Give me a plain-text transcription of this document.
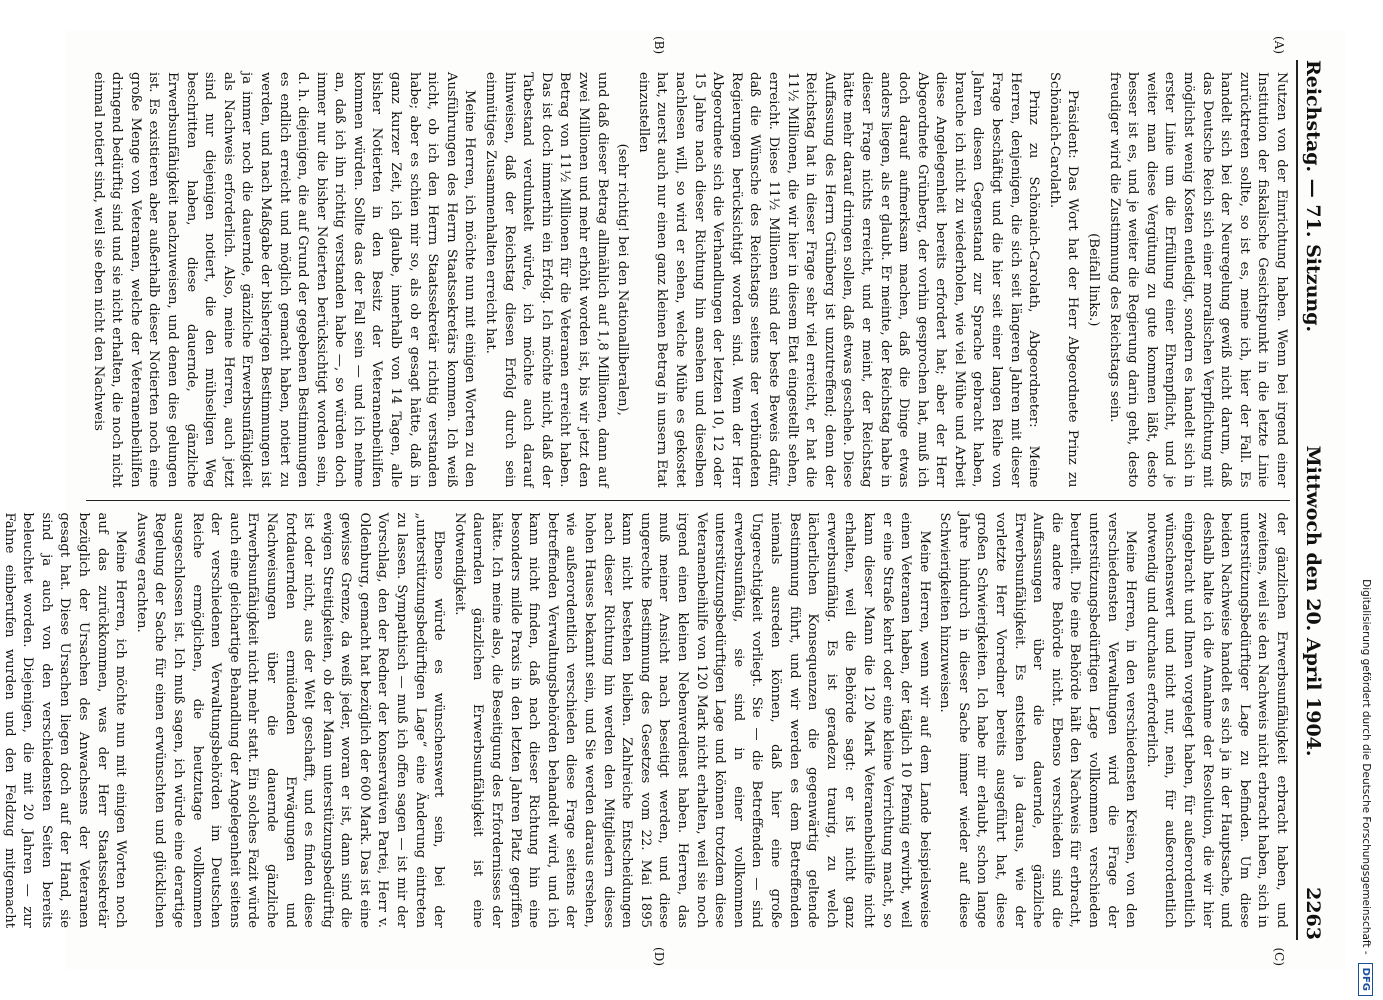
(A)
(B)
(C)
(D)
Reichstag. — 71. Sitzung.
Mittwoch den 20. April 1904.
2263

Nutzen von der Einrichtung haben. Wenn bei irgend einer Institution der fiskalische Gesichtspunkt in die letzte Linie zurücktreten sollte, so ist es, meine ich, hier der Fall. Es handelt sich bei der Neuregelung gewiß nicht darum, daß das Deutsche Reich sich einer moralischen Verpflichtung mit möglichst wenig Kosten entledigt, sondern es handelt sich in erster Linie um die Erfüllung einer Ehrenpflicht, und je weiter man diese Vergütung zu gute kommen läßt, desto besser ist es, und je weiter die Regierung darin geht, desto freudiger wird die Zustimmung des Reichstags sein.

(Beifall links.)

Präsident: Das Wort hat der Herr Abgeordnete Prinz zu Schönaich-Carolath.

Prinz zu Schönaich-Carolath, Abgeordneter: Meine Herren, denjenigen, die sich seit längeren Jahren mit dieser Frage beschäftigt und die hier seit einer langen Reihe von Jahren diesen Gegenstand zur Sprache gebracht haben, brauche ich nicht zu wiederholen, wie viel Mühe und Arbeit diese Angelegenheit bereits erfordert hat; aber der Herr Abgeordnete Grünberg, der vorhin gesprochen hat, muß ich doch darauf aufmerksam machen, daß die Dinge etwas anders liegen, als er glaubt. Er meinte, der Reichstag habe in dieser Frage nichts erreicht, und er meint, der Reichstag hätte mehr darauf dringen sollen, daß etwas geschehe. Diese Auffassung des Herrn Grünberg ist unzutreffend; denn der Reichstag hat in dieser Frage sehr viel erreicht, er hat die 11½ Millionen, die wir hier in diesem Etat eingestellt sehen, erreicht. Diese 11½ Millionen sind der beste Beweis dafür, daß die Wünsche des Reichstags seitens der verbündeten Regierungen berücksichtigt worden sind. Wenn der Herr Abgeordnete sich die Verhandlungen der letzten 10, 12 oder 15 Jahre nach dieser Richtung hin ansehen und dieselben nachlesen will, so wird er sehen, welche Mühe es gekostet hat, zuerst auch nur einen ganz kleinen Betrag in unsern Etat einzustellen

(sehr richtig! bei den Nationalliberalen),

und daß dieser Betrag allmählich auf 1,8 Millionen, dann auf zwei Millionen und mehr erhöht worden ist, bis wir jetzt den Betrag von 11½ Millionen für die Veteranen erreicht haben. Das ist doch immerhin ein Erfolg. Ich möchte nicht, daß der Tatbestand verdunkelt würde, ich möchte auch darauf hinweisen, daß der Reichstag diesen Erfolg durch sein einmütiges Zusammenhalten erreicht hat.

Meine Herren, ich möchte nun mit einigen Worten zu den Ausführungen des Herrn Staatssekretärs kommen. Ich weiß nicht, ob ich den Herrn Staatssekretär richtig verstanden habe; aber es schien mir so, als ob er gesagt hätte, daß in ganz kurzer Zeit, ich glaube, innerhalb von 14 Tagen, alle bisher Notierten in den Besitz der Veteranenbeihilfen kommen würden. Sollte das der Fall sein — und ich nehme an, daß ich ihn richtig verstanden habe —, so würden doch immer nur die bisher Notierten berücksichtigt worden sein, d. h. diejenigen, die auf Grund der gegebenen Bestimmungen es endlich erreicht und möglich gemacht haben, notiert zu werden, und nach Maßgabe der bisherigen Bestimmungen ist ja immer noch die dauernde, gänzliche Erwerbsunfähigkeit als Nachweis erforderlich. Also, meine Herren, auch jetzt sind nur diejenigen notiert, die den mühseligen Weg beschritten haben, diese dauernde, gänzliche Erwerbsunfähigkeit nachzuweisen, und denen dies gelungen ist. Es existieren aber außerhalb dieser Notierten noch eine große Menge von Veteranen, welche der Veteranenbeihilfen dringend bedürftig sind und sie nicht erhalten, die noch nicht einmal notiert sind, weil sie eben nicht den Nachweis

der gänzlichen Erwerbsunfähigkeit erbracht haben, und zweitens, weil sie den Nachweis nicht erbracht haben, sich in unterstützungsbedürftiger Lage zu befinden. Um diese beiden Nachweise handelt es sich ja in der Hauptsache, und deshalb halte ich die Annahme der Resolution, die wir hier eingebracht und Ihnen vorgelegt haben, für außerordentlich wünschenswert und nicht nur, nein, für außerordentlich notwendig und durchaus erforderlich.

Meine Herren, in den verschiedensten Kreisen, von den verschiedensten Verwaltungen wird die Frage der unterstützungsbedürftigen Lage vollkommen verschieden beurteilt. Die eine Behörde hält den Nachweis für erbracht, die andere Behörde nicht. Ebenso verschieden sind die Auffassungen über die dauernde, gänzliche Erwerbsunfähigkeit. Es entstehen ja daraus, wie der vorletzte Herr Vorredner bereits ausgeführt hat, diese großen Schwierigkeiten. Ich habe mir erlaubt, schon lange Jahre hindurch in dieser Sache immer wieder auf diese Schwierigkeiten hinzuweisen.

Meine Herren, wenn wir auf dem Lande beispielsweise einen Veteranen haben, der täglich 10 Pfennig erwirbt, weil er eine Straße kehrt oder eine kleine Verrichtung macht, so kann dieser Mann die 120 Mark Veteranenbeihilfe nicht erhalten, weil die Behörde sagt: er ist nicht ganz erwerbsunfähig. Es ist geradezu traurig, zu welch lächerlichen Konsequenzen die gegenwärtig geltende Bestimmung führt, und wir werden es dem Betreffenden niemals ausreden können, daß hier eine große Ungerechtigkeit vorliegt. Sie — die Betreffenden — sind erwerbsunfähig, sie sind in einer vollkommen unterstützungsbedürftigen Lage und können trotzdem diese Veteranenbeihilfe von 120 Mark nicht erhalten, weil sie noch irgend einen kleinen Nebenverdienst haben. Herren, das muß meiner Ansicht nach beseitigt werden, und diese ungerechte Bestimmung des Gesetzes vom 22. Mai 1895 kann nicht bestehen bleiben. Zahlreiche Entscheidungen nach dieser Richtung hin werden den Mitgliedern dieses hohen Hauses bekannt sein, und Sie werden daraus ersehen, wie außerordentlich verschieden diese Frage seitens der betreffenden Verwaltungsbehörden behandelt wird, und ich kann nicht finden, daß nach dieser Richtung hin eine besonders milde Praxis in den letzten Jahren Platz gegriffen hätte. Ich meine also, die Beseitigung des Erfordernisses der dauernden gänzlichen Erwerbsunfähigkeit ist eine Notwendigkeit.

Ebenso würde es wünschenswert sein, bei der „unterstützungsbedürftigen Lage“ eine Änderung eintreten zu lassen. Sympathisch — muß ich offen sagen — ist mir der Vorschlag, den der Redner der konservativen Partei, Herr v. Oldenburg, gemacht hat bezüglich der 600 Mark. Das ist eine gewisse Grenze, da weiß jeder, woran er ist, dann sind die ewigen Streitigkeiten, ob der Mann unterstützungsbedürftig ist oder nicht, aus der Welt geschafft, und es finden diese fortdauernden ermüdenden Erwägungen und Nachweisungen über die dauernde gänzliche Erwerbsunfähigkeit nicht mehr statt. Ein solches Fazit würde auch eine gleichartige Behandlung der Angelegenheit seitens der verschiedenen Verwaltungsbehörden im Deutschen Reiche ermöglichen, die heutzutage vollkommen ausgeschlossen ist. Ich muß sagen, ich würde eine derartige Regelung der Sache für einen erwünschten und glücklichen Ausweg erachten.

Meine Herren, ich möchte nun mit einigen Worten noch auf das zurückkommen, was der Herr Staatssekretär bezüglich der Ursachen des Anwachsens der Veteranen gesagt hat. Diese Ursachen liegen doch auf der Hand, sie sind ja auch von den verschiedensten Seiten bereits beleuchtet worden. Diejenigen, die mit 20 Jahren — zur Fahne einberufen wurden und den Feldzug mitgemacht	Digitalisierung gefördert durch die Deutsche Forschungsgemeinschaft -
DFG
